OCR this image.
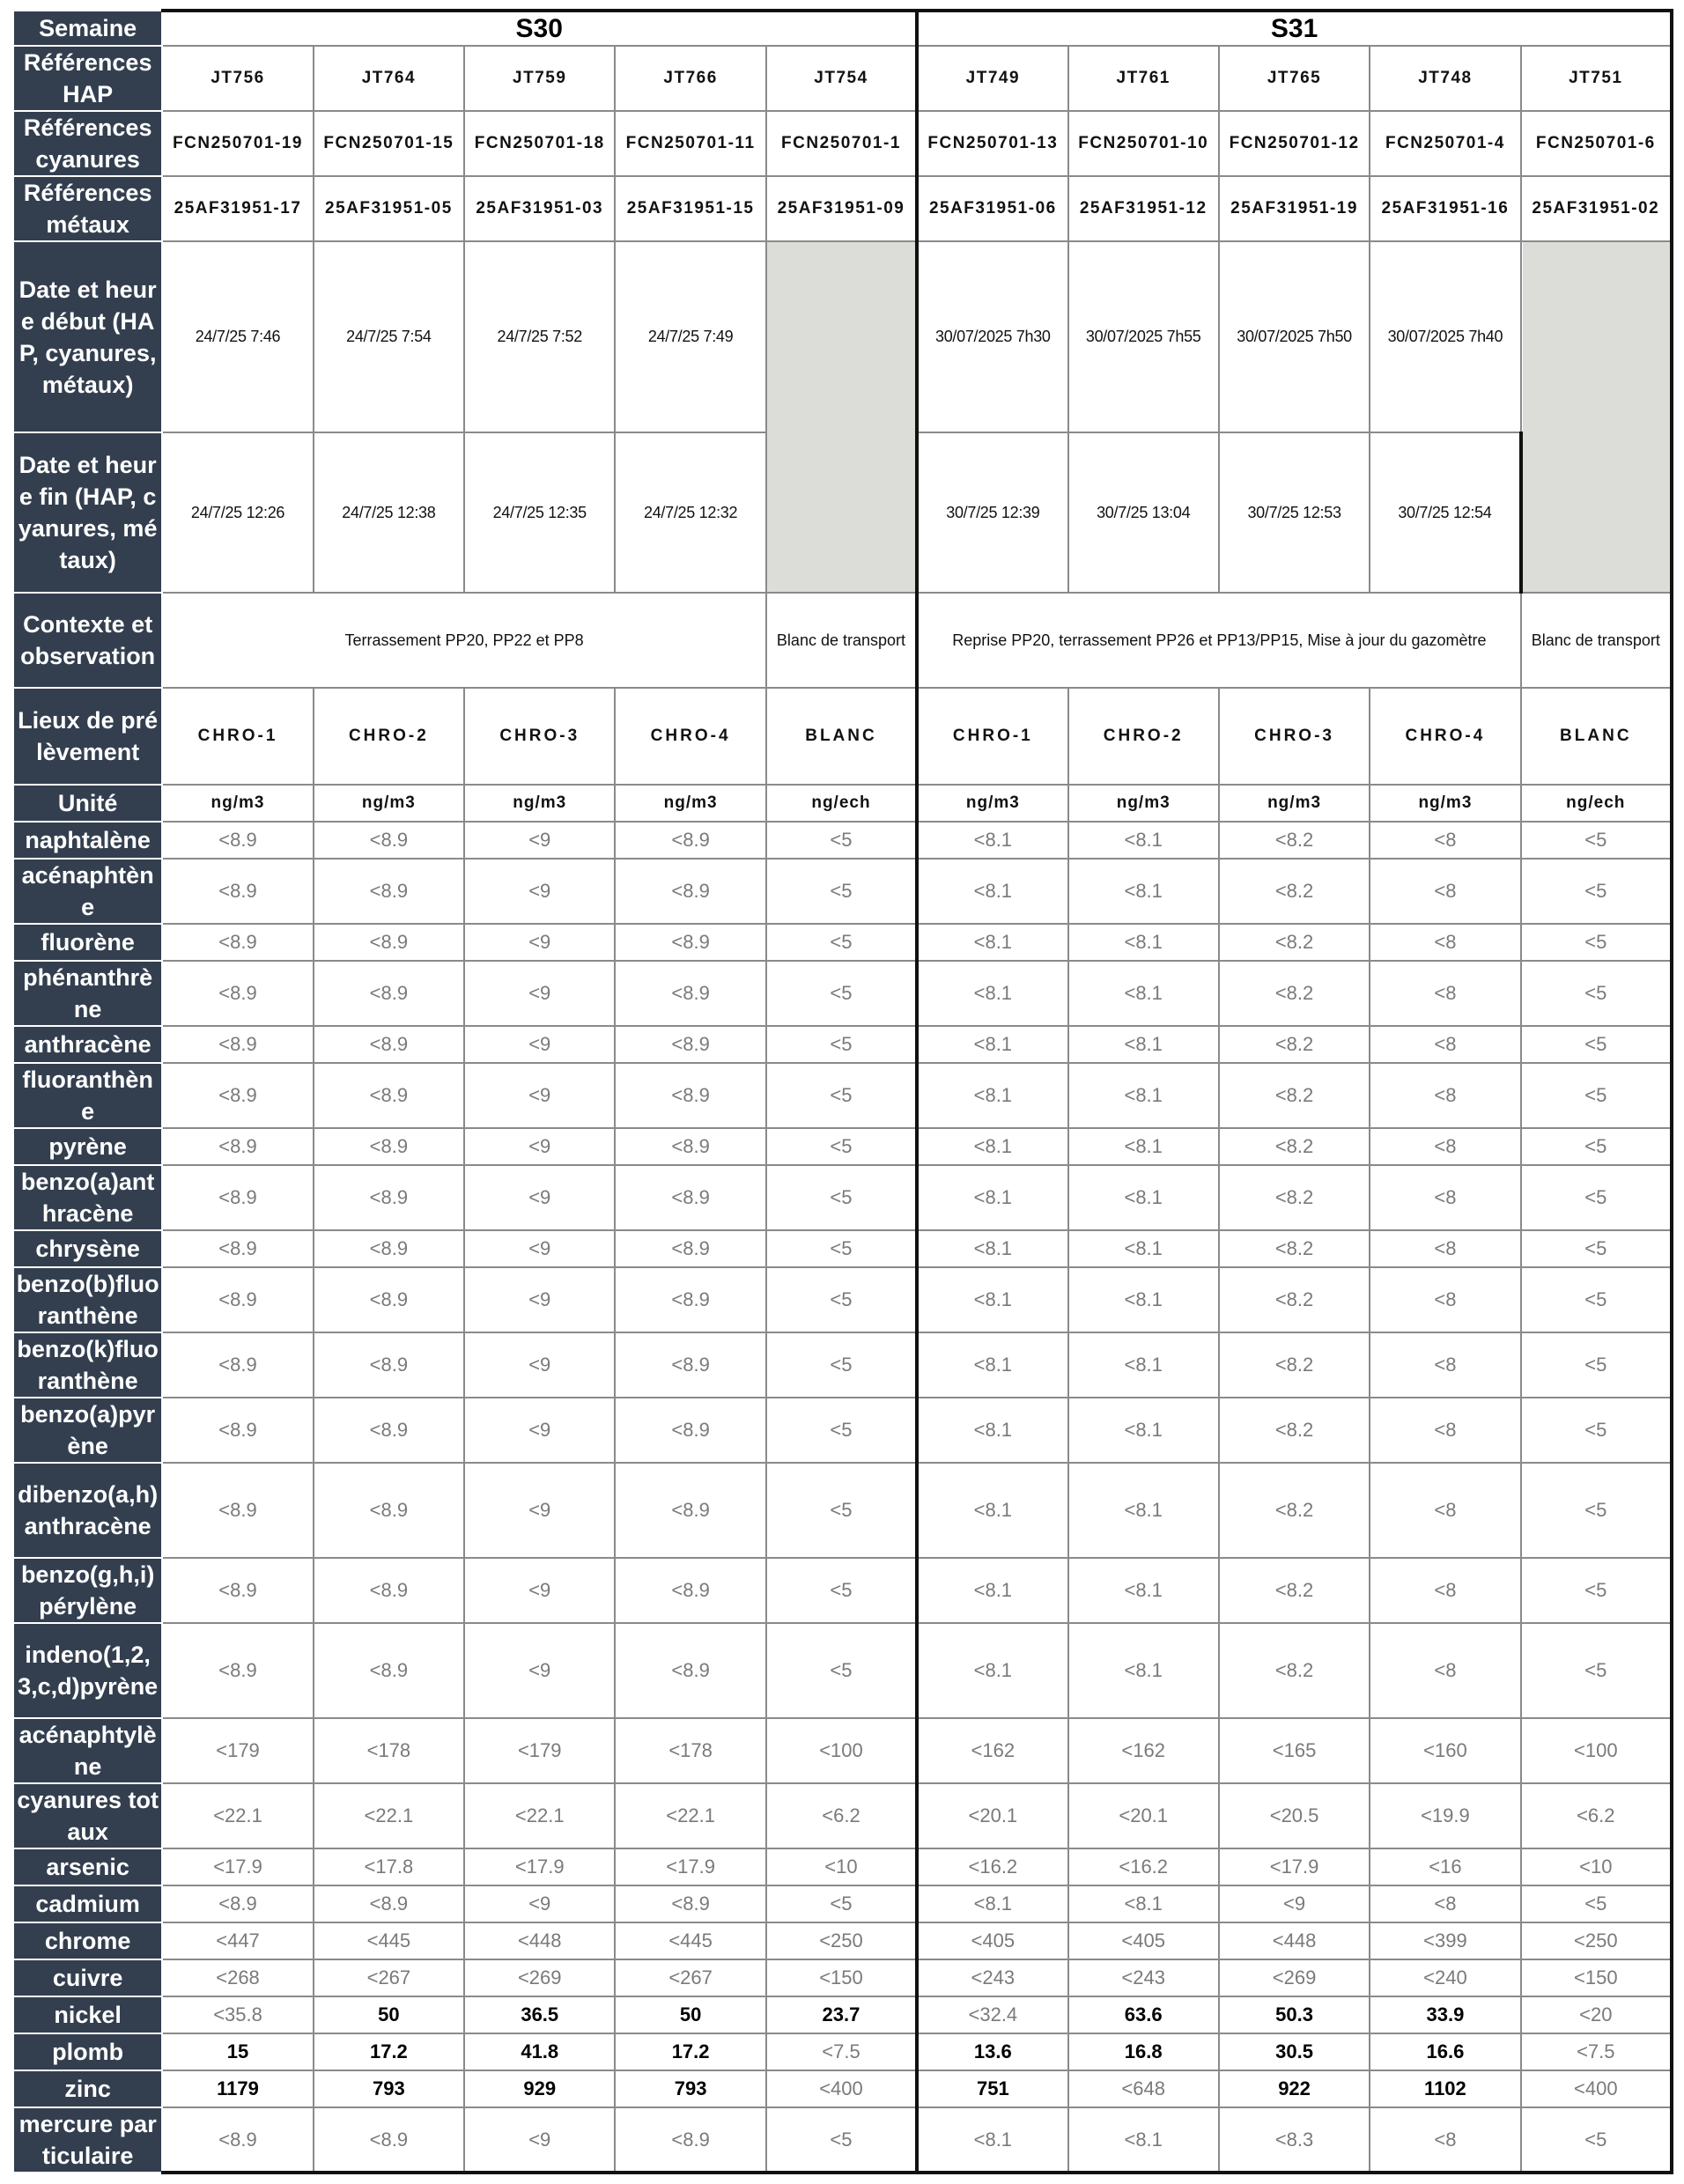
Semaine	S30					S31				
Références HAP	JT756	JT764	JT759	JT766	JT754	JT749	JT761	JT765	JT748	JT751
Références cyanures	FCN250701-19	FCN250701-15	FCN250701-18	FCN250701-11	FCN250701-1	FCN250701-13	FCN250701-10	FCN250701-12	FCN250701-4	FCN250701-6
Références métaux	25AF31951-17	25AF31951-05	25AF31951-03	25AF31951-15	25AF31951-09	25AF31951-06	25AF31951-12	25AF31951-19	25AF31951-16	25AF31951-02
Date et heure début (HAP, cyanures, métaux)	24/7/25 7:46	24/7/25 7:54	24/7/25 7:52	24/7/25 7:49		30/07/2025 7h30	30/07/2025 7h55	30/07/2025 7h50	30/07/2025 7h40	
Date et heure fin (HAP, cyanures, métaux)	24/7/25 12:26	24/7/25 12:38	24/7/25 12:35	24/7/25 12:32		30/7/25 12:39	30/7/25 13:04	30/7/25 12:53	30/7/25 12:54	
Contexte et observation	Terrassement PP20, PP22 et PP8				Blanc de transport	Reprise PP20, terrassement PP26 et PP13/PP15, Mise à jour du gazomètre				Blanc de transport
Lieux de prélèvement	CHRO-1	CHRO-2	CHRO-3	CHRO-4	BLANC	CHRO-1	CHRO-2	CHRO-3	CHRO-4	BLANC
Unité	ng/m3	ng/m3	ng/m3	ng/m3	ng/ech	ng/m3	ng/m3	ng/m3	ng/m3	ng/ech
naphtalène	<8.9	<8.9	<9	<8.9	<5	<8.1	<8.1	<8.2	<8	<5
acénaphtène	<8.9	<8.9	<9	<8.9	<5	<8.1	<8.1	<8.2	<8	<5
fluorène	<8.9	<8.9	<9	<8.9	<5	<8.1	<8.1	<8.2	<8	<5
phénanthrène	<8.9	<8.9	<9	<8.9	<5	<8.1	<8.1	<8.2	<8	<5
anthracène	<8.9	<8.9	<9	<8.9	<5	<8.1	<8.1	<8.2	<8	<5
fluoranthène	<8.9	<8.9	<9	<8.9	<5	<8.1	<8.1	<8.2	<8	<5
pyrène	<8.9	<8.9	<9	<8.9	<5	<8.1	<8.1	<8.2	<8	<5
benzo(a)anthracène	<8.9	<8.9	<9	<8.9	<5	<8.1	<8.1	<8.2	<8	<5
chrysène	<8.9	<8.9	<9	<8.9	<5	<8.1	<8.1	<8.2	<8	<5
benzo(b)fluoranthène	<8.9	<8.9	<9	<8.9	<5	<8.1	<8.1	<8.2	<8	<5
benzo(k)fluoranthène	<8.9	<8.9	<9	<8.9	<5	<8.1	<8.1	<8.2	<8	<5
benzo(a)pyrène	<8.9	<8.9	<9	<8.9	<5	<8.1	<8.1	<8.2	<8	<5
dibenzo(a,h)anthracène	<8.9	<8.9	<9	<8.9	<5	<8.1	<8.1	<8.2	<8	<5
benzo(g,h,i)pérylène	<8.9	<8.9	<9	<8.9	<5	<8.1	<8.1	<8.2	<8	<5
indeno(1,2,3,c,d)pyrène	<8.9	<8.9	<9	<8.9	<5	<8.1	<8.1	<8.2	<8	<5
acénaphtylène	<179	<178	<179	<178	<100	<162	<162	<165	<160	<100
cyanures totaux	<22.1	<22.1	<22.1	<22.1	<6.2	<20.1	<20.1	<20.5	<19.9	<6.2
arsenic	<17.9	<17.8	<17.9	<17.9	<10	<16.2	<16.2	<17.9	<16	<10
cadmium	<8.9	<8.9	<9	<8.9	<5	<8.1	<8.1	<9	<8	<5
chrome	<447	<445	<448	<445	<250	<405	<405	<448	<399	<250
cuivre	<268	<267	<269	<267	<150	<243	<243	<269	<240	<150
nickel	<35.8	50	36.5	50	23.7	<32.4	63.6	50.3	33.9	<20
plomb	15	17.2	41.8	17.2	<7.5	13.6	16.8	30.5	16.6	<7.5
zinc	1179	793	929	793	<400	751	<648	922	1102	<400
mercure particulaire	<8.9	<8.9	<9	<8.9	<5	<8.1	<8.1	<8.3	<8	<5
